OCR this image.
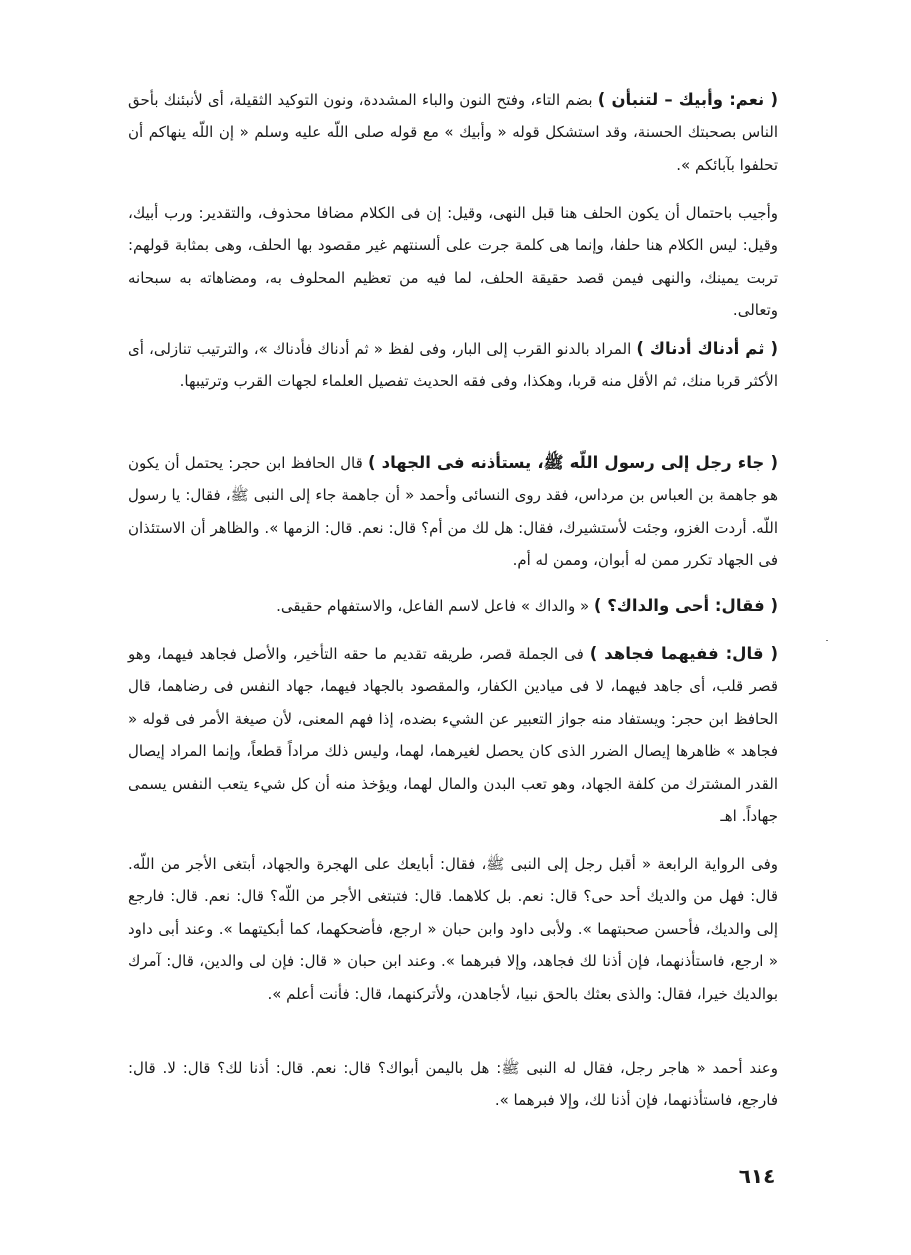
( نعم: وأبيك – لتنبأن ) بضم التاء، وفتح النون والباء المشددة، ونون التوكيد الثقيلة، أى لأنبئنك بأحق الناس بصحبتك الحسنة، وقد استشكل قوله « وأبيك » مع قوله صلى اللّه عليه وسلم « إن اللّه ينهاكم أن تحلفوا بآبائكم ».

وأجيب باحتمال أن يكون الحلف هنا قبل النهى، وقيل: إن فى الكلام مضافا محذوف، والتقدير: ورب أبيك، وقيل: ليس الكلام هنا حلفا، وإنما هى كلمة جرت على ألسنتهم غير مقصود بها الحلف، وهى بمثابة قولهم: تربت يمينك، والنهى فيمن قصد حقيقة الحلف، لما فيه من تعظيم المحلوف به، ومضاهاته به سبحانه وتعالى.

( ثم أدناك أدناك ) المراد بالدنو القرب إلى البار، وفى لفظ « ثم أدناك فأدناك »، والترتيب تنازلى، أى الأكثر قربا منك، ثم الأقل منه قربا، وهكذا، وفى فقه الحديث تفصيل العلماء لجهات القرب وترتيبها.

( جاء رجل إلى رسول اللّه ﷺ، يستأذنه فى الجهاد ) قال الحافظ ابن حجر: يحتمل أن يكون هو جاهمة بن العباس بن مرداس، فقد روى النسائى وأحمد « أن جاهمة جاء إلى النبى ﷺ، فقال: يا رسول اللّه. أردت الغزو، وجئت لأستشيرك، فقال: هل لك من أم؟ قال: نعم. قال: الزمها ». والظاهر أن الاستئذان فى الجهاد تكرر ممن له أبوان، وممن له أم.

( فقال: أحى والداك؟ ) « والداك » فاعل لاسم الفاعل، والاستفهام حقيقى.

( قال: ففيهما فجاهد ) فى الجملة قصر، طريقه تقديم ما حقه التأخير، والأصل فجاهد فيهما، وهو قصر قلب، أى جاهد فيهما، لا فى ميادين الكفار، والمقصود بالجهاد فيهما، جهاد النفس فى رضاهما، قال الحافظ ابن حجر: ويستفاد منه جواز التعبير عن الشيء بضده، إذا فهم المعنى، لأن صيغة الأمر فى قوله « فجاهد » ظاهرها إيصال الضرر الذى كان يحصل لغيرهما، لهما، وليس ذلك مراداً قطعاً، وإنما المراد إيصال القدر المشترك من كلفة الجهاد، وهو تعب البدن والمال لهما، ويؤخذ منه أن كل شيء يتعب النفس يسمى جهاداً. اهـ

وفى الرواية الرابعة « أقبل رجل إلى النبى ﷺ، فقال: أبايعك على الهجرة والجهاد، أبتغى الأجر من اللّه. قال: فهل من والديك أحد حى؟ قال: نعم. بل كلاهما. قال: فتبتغى الأجر من اللّه؟ قال: نعم. قال: فارجع إلى والديك، فأحسن صحبتهما ». ولأبى داود وابن حبان « ارجع، فأضحكهما، كما أبكيتهما ». وعند أبى داود « ارجع، فاستأذنهما، فإن أذنا لك فجاهد، وإلا فبرهما ». وعند ابن حبان « قال: فإن لى والدين، قال: آمرك بوالديك خيرا، فقال: والذى بعثك بالحق نبيا، لأجاهدن، ولأتركنهما، قال: فأنت أعلم ».

وعند أحمد « هاجر رجل، فقال له النبى ﷺ: هل باليمن أبواك؟ قال: نعم. قال: أذنا لك؟ قال: لا. قال: فارجع، فاستأذنهما، فإن أذنا لك، وإلا فبرهما ».

٦١٤
